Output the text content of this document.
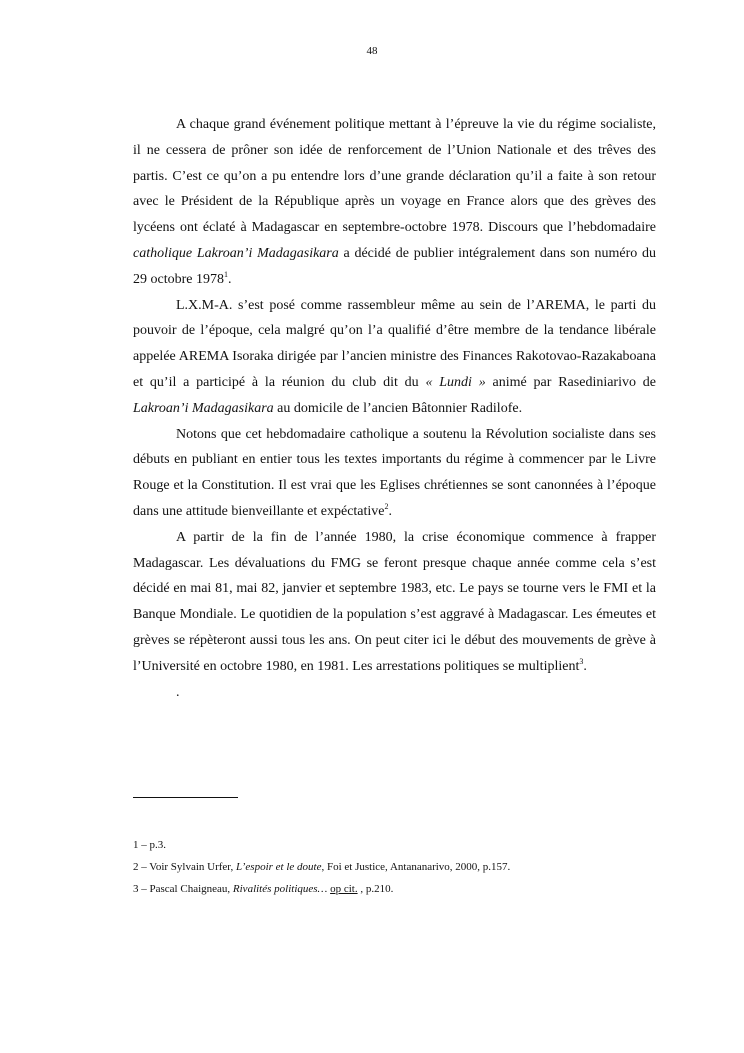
48

A chaque grand événement politique mettant à l’épreuve la vie du régime socialiste, il ne cessera de prôner son idée de renforcement de l’Union Nationale et des trêves des partis. C’est ce qu’on a pu entendre lors d’une grande déclaration qu’il a faite à son retour avec le Président de la République après un voyage en France alors que des grèves des lycéens ont éclaté à Madagascar en septembre-octobre 1978. Discours que l’hebdomadaire catholique Lakroan’i Madagasikara a décidé de publier intégralement dans son numéro du 29 octobre 1978$^1$.

L.X.M-A. s’est posé comme rassembleur même au sein de l’AREMA, le parti du pouvoir de l’époque, cela malgré qu’on l’a qualifié d’être membre de la tendance libérale appelée AREMA Isoraka dirigée par l’ancien ministre des Finances Rakotovao-Razakaboana et qu’il a participé à la réunion du club dit du « Lundi » animé par Rasediniarivo de Lakroan’i Madagasikara au domicile de l’ancien Bâtonnier Radilofe.

Notons que cet hebdomadaire catholique a soutenu la Révolution socialiste dans ses débuts en publiant en entier tous les textes importants du régime à commencer par le Livre Rouge et la Constitution. Il est vrai que les Eglises chrétiennes se sont canonnées à l’époque dans une attitude bienveillante et expéctative$^2$.

A partir de la fin de l’année 1980, la crise économique commence à frapper Madagascar. Les dévaluations du FMG se feront presque chaque année comme cela s’est décidé en mai 81, mai 82, janvier et septembre 1983, etc. Le pays se tourne vers le FMI et la Banque Mondiale. Le quotidien de la population s’est aggravé à Madagascar. Les émeutes et grèves se répèteront aussi tous les ans. On peut citer ici le début des mouvements de grève à l’Université en octobre 1980, en 1981. Les arrestations politiques se multiplient$^3$.

.

1 – p.3.

2 – Voir Sylvain Urfer, L’espoir et le doute, Foi et Justice, Antananarivo, 2000, p.157.

3 – Pascal Chaigneau, Rivalités politiques… op cit. , p.210.
